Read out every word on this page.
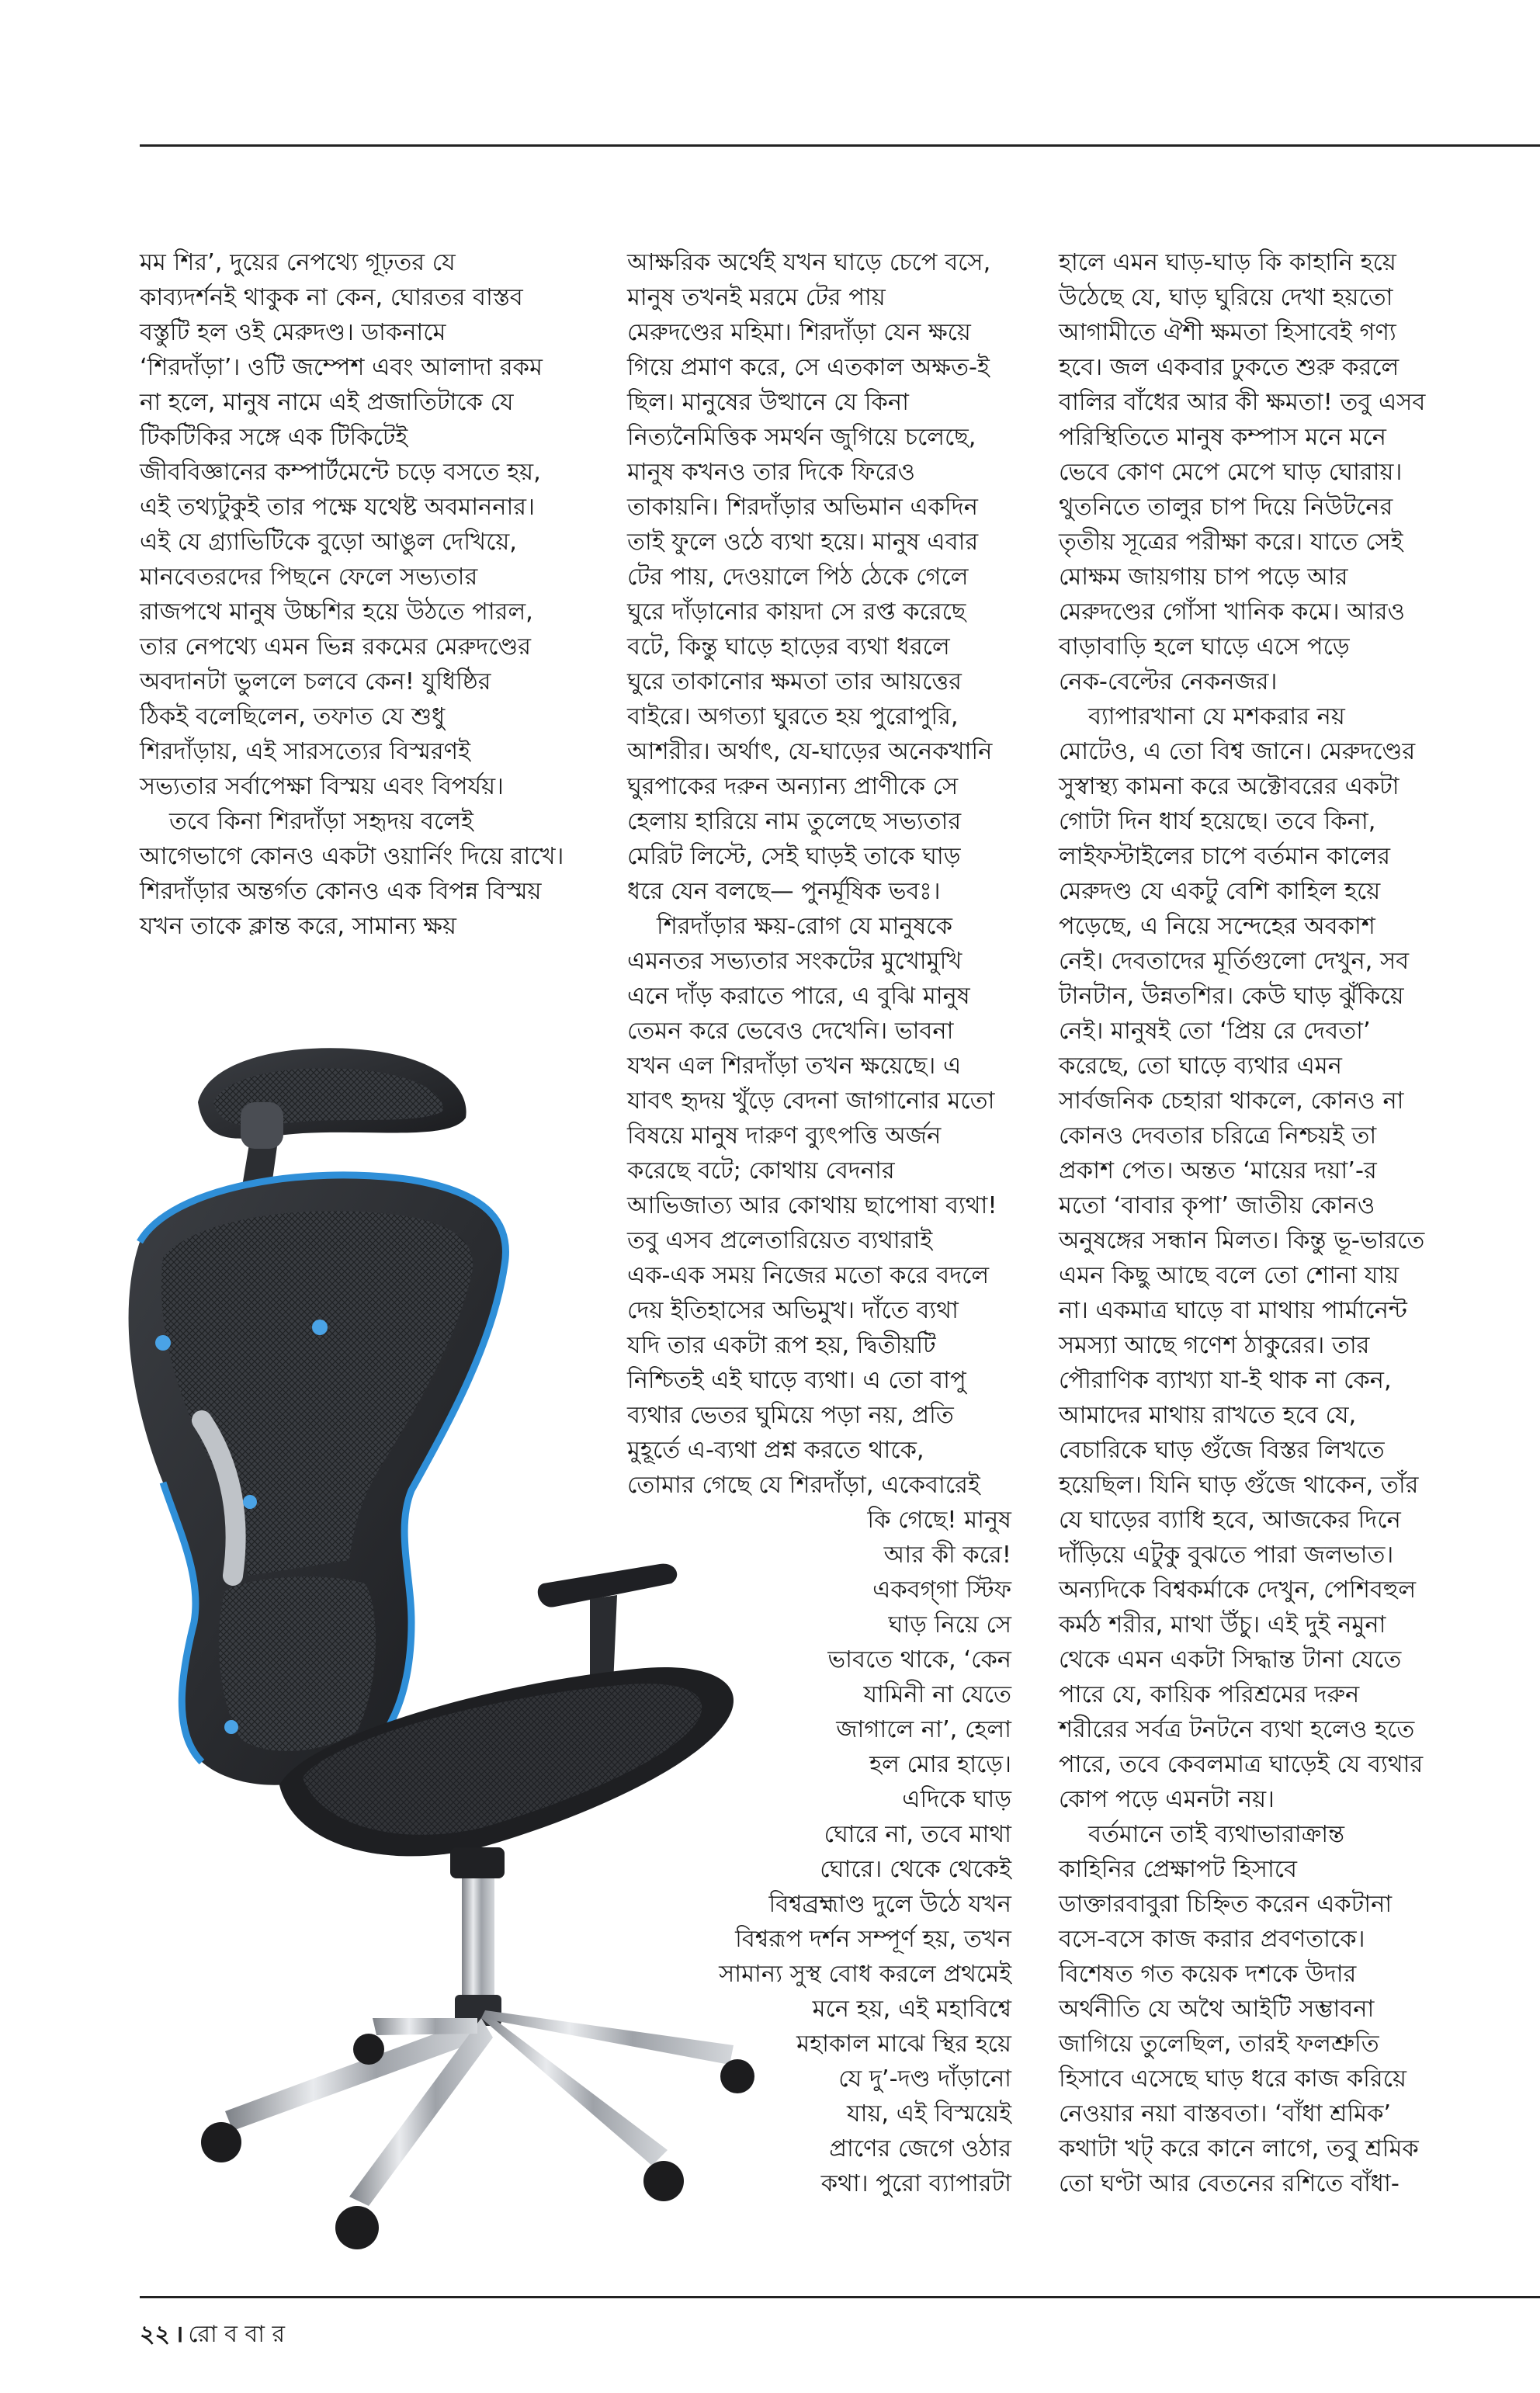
মম শির’, দুয়ের নেপথ্যে গূঢ়তর যে
কাব্যদর্শনই থাকুক না কেন, ঘোরতর বাস্তব
বস্তুটি হল ওই মেরুদণ্ড। ডাকনামে
‘শিরদাঁড়া’। ওটি জম্পেশ এবং আলাদা রকম
না হলে, মানুষ নামে এই প্রজাতিটাকে যে
টিকটিকির সঙ্গে এক টিকিটেই
জীববিজ্ঞানের কম্পার্টমেন্টে চড়ে বসতে হয়,
এই তথ্যটুকুই তার পক্ষে যথেষ্ট অবমাননার।
এই যে গ্র্যাভিটিকে বুড়ো আঙুল দেখিয়ে,
মানবেতরদের পিছনে ফেলে সভ্যতার
রাজপথে মানুষ উচ্চশির হয়ে উঠতে পারল,
তার নেপথ্যে এমন ভিন্ন রকমের মেরুদণ্ডের
অবদানটা ভুললে চলবে কেন! যুধিষ্ঠির
ঠিকই বলেছিলেন, তফাত যে শুধু
শিরদাঁড়ায়, এই সারসত্যের বিস্মরণই
সভ্যতার সর্বাপেক্ষা বিস্ময় এবং বিপর্যয়।
তবে কিনা শিরদাঁড়া সহৃদয় বলেই
আগেভাগে কোনও একটা ওয়ার্নিং দিয়ে রাখে।
শিরদাঁড়ার অন্তর্গত কোনও এক বিপন্ন বিস্ময়
যখন তাকে ক্লান্ত করে, সামান্য ক্ষয়
আক্ষরিক অর্থেই যখন ঘাড়ে চেপে বসে,
মানুষ তখনই মরমে টের পায়
মেরুদণ্ডের মহিমা। শিরদাঁড়া যেন ক্ষয়ে
গিয়ে প্রমাণ করে, সে এতকাল অক্ষত-ই
ছিল। মানুষের উত্থানে যে কিনা
নিত্যনৈমিত্তিক সমর্থন জুগিয়ে চলেছে,
মানুষ কখনও তার দিকে ফিরেও
তাকায়নি। শিরদাঁড়ার অভিমান একদিন
তাই ফুলে ওঠে ব্যথা হয়ে। মানুষ এবার
টের পায়, দেওয়ালে পিঠ ঠেকে গেলে
ঘুরে দাঁড়ানোর কায়দা সে রপ্ত করেছে
বটে, কিন্তু ঘাড়ে হাড়ের ব্যথা ধরলে
ঘুরে তাকানোর ক্ষমতা তার আয়ত্তের
বাইরে। অগত্যা ঘুরতে হয় পুরোপুরি,
আশরীর। অর্থাৎ, যে-ঘাড়ের অনেকখানি
ঘুরপাকের দরুন অন্যান্য প্রাণীকে সে
হেলায় হারিয়ে নাম তুলেছে সভ্যতার
মেরিট লিস্টে, সেই ঘাড়ই তাকে ঘাড়
ধরে যেন বলছে— পুনর্মূষিক ভবঃ।
শিরদাঁড়ার ক্ষয়-রোগ যে মানুষকে
এমনতর সভ্যতার সংকটের মুখোমুখি
এনে দাঁড় করাতে পারে, এ বুঝি মানুষ
তেমন করে ভেবেও দেখেনি। ভাবনা
যখন এল শিরদাঁড়া তখন ক্ষয়েছে। এ
যাবৎ হৃদয় খুঁড়ে বেদনা জাগানোর মতো
বিষয়ে মানুষ দারুণ ব্যুৎপত্তি অর্জন
করেছে বটে; কোথায় বেদনার
আভিজাত্য আর কোথায় ছাপোষা ব্যথা!
তবু এসব প্রলেতারিয়েত ব্যথারাই
এক-এক সময় নিজের মতো করে বদলে
দেয় ইতিহাসের অভিমুখ। দাঁতে ব্যথা
যদি তার একটা রূপ হয়, দ্বিতীয়টি
নিশ্চিতই এই ঘাড়ে ব্যথা। এ তো বাপু
ব্যথার ভেতর ঘুমিয়ে পড়া নয়, প্রতি
মুহূর্তে এ-ব্যথা প্রশ্ন করতে থাকে,
তোমার গেছে যে শিরদাঁড়া, একেবারেই
কি গেছে! মানুষ
আর কী করে!
একবগ্‌গা স্টিফ
ঘাড় নিয়ে সে
ভাবতে থাকে, ‘কেন
যামিনী না যেতে
জাগালে না’, হেলা
হল মোর হাড়ে।
এদিকে ঘাড়
ঘোরে না, তবে মাথা
ঘোরে। থেকে থেকেই
বিশ্বব্রহ্মাণ্ড দুলে উঠে যখন
বিশ্বরূপ দর্শন সম্পূর্ণ হয়, তখন
সামান্য সুস্থ বোধ করলে প্রথমেই
মনে হয়, এই মহাবিশ্বে
মহাকাল মাঝে স্থির হয়ে
যে দু’-দণ্ড দাঁড়ানো
যায়, এই বিস্ময়েই
প্রাণের জেগে ওঠার
কথা। পুরো ব্যাপারটা
হালে এমন ঘাড়-ঘাড় কি কাহানি হয়ে
উঠেছে যে, ঘাড় ঘুরিয়ে দেখা হয়তো
আগামীতে ঐশী ক্ষমতা হিসাবেই গণ্য
হবে। জল একবার ঢুকতে শুরু করলে
বালির বাঁধের আর কী ক্ষমতা! তবু এসব
পরিস্থিতিতে মানুষ কম্পাস মনে মনে
ভেবে কোণ মেপে মেপে ঘাড় ঘোরায়।
থুতনিতে তালুর চাপ দিয়ে নিউটনের
তৃতীয় সূত্রের পরীক্ষা করে। যাতে সেই
মোক্ষম জায়গায় চাপ পড়ে আর
মেরুদণ্ডের গোঁসা খানিক কমে। আরও
বাড়াবাড়ি হলে ঘাড়ে এসে পড়ে
নেক-বেল্টের নেকনজর।
ব্যাপারখানা যে মশকরার নয়
মোটেও, এ তো বিশ্ব জানে। মেরুদণ্ডের
সুস্বাস্থ্য কামনা করে অক্টোবরের একটা
গোটা দিন ধার্য হয়েছে। তবে কিনা,
লাইফস্টাইলের চাপে বর্তমান কালের
মেরুদণ্ড যে একটু বেশি কাহিল হয়ে
পড়েছে, এ নিয়ে সন্দেহের অবকাশ
নেই। দেবতাদের মূর্তিগুলো দেখুন, সব
টানটান, উন্নতশির। কেউ ঘাড় ঝুঁকিয়ে
নেই। মানুষই তো ‘প্রিয় রে দেবতা’
করেছে, তো ঘাড়ে ব্যথার এমন
সার্বজনিক চেহারা থাকলে, কোনও না
কোনও দেবতার চরিত্রে নিশ্চয়ই তা
প্রকাশ পেত। অন্তত ‘মায়ের দয়া’-র
মতো ‘বাবার কৃপা’ জাতীয় কোনও
অনুষঙ্গের সন্ধান মিলত। কিন্তু ভূ-ভারতে
এমন কিছু আছে বলে তো শোনা যায়
না। একমাত্র ঘাড়ে বা মাথায় পার্মানেন্ট
সমস্যা আছে গণেশ ঠাকুরের। তার
পৌরাণিক ব্যাখ্যা যা-ই থাক না কেন,
আমাদের মাথায় রাখতে হবে যে,
বেচারিকে ঘাড় গুঁজে বিস্তর লিখতে
হয়েছিল। যিনি ঘাড় গুঁজে থাকেন, তাঁর
যে ঘাড়ের ব্যাধি হবে, আজকের দিনে
দাঁড়িয়ে এটুকু বুঝতে পারা জলভাত।
অন্যদিকে বিশ্বকর্মাকে দেখুন, পেশিবহুল
কর্মঠ শরীর, মাথা উঁচু। এই দুই নমুনা
থেকে এমন একটা সিদ্ধান্ত টানা যেতে
পারে যে, কায়িক পরিশ্রমের দরুন
শরীরের সর্বত্র টনটনে ব্যথা হলেও হতে
পারে, তবে কেবলমাত্র ঘাড়েই যে ব্যথার
কোপ পড়ে এমনটা নয়।
বর্তমানে তাই ব্যথাভারাক্রান্ত
কাহিনির প্রেক্ষাপট হিসাবে
ডাক্তারবাবুরা চিহ্নিত করেন একটানা
বসে-বসে কাজ করার প্রবণতাকে।
বিশেষত গত কয়েক দশকে উদার
অর্থনীতি যে অথৈ আইটি সম্ভাবনা
জাগিয়ে তুলেছিল, তারই ফলশ্রুতি
হিসাবে এসেছে ঘাড় ধরে কাজ করিয়ে
নেওয়ার নয়া বাস্তবতা। ‘বাঁধা শ্রমিক’
কথাটা খট্ করে কানে লাগে, তবু শ্রমিক
তো ঘণ্টা আর বেতনের রশিতে বাঁধা-
২২ । রো ব বা র
